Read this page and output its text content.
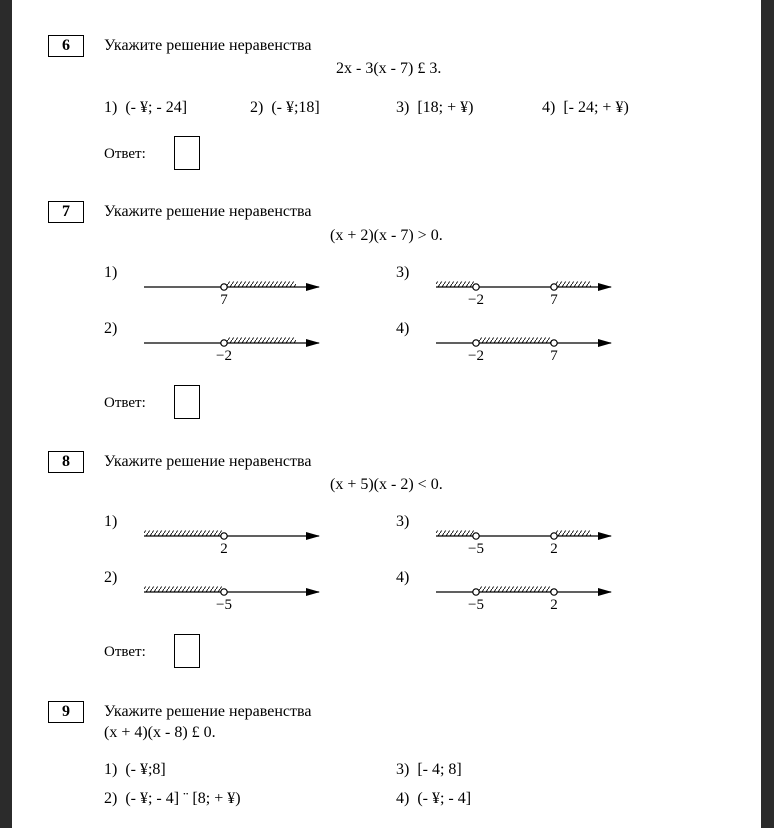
6	Укажите решение неравенства
2x - 3(x - 7) £ 3.
1) (- ¥; - 24]	2) (- ¥;18]	3) [18; + ¥)	4) [- 24; + ¥)
Ответ:
7	Укажите решение неравенства
(x + 2)(x - 7) > 0.
1)
7
2)
−2
3)
−2	7
4)
−2	7
Ответ:
8	Укажите решение неравенства
(x + 5)(x - 2) < 0.
1)
2
2)
−5
3)
−5	2
4)
−5	2
Ответ:
9	Укажите решение неравенства
(x + 4)(x - 8) £ 0.
1) (- ¥;8]
2) (- ¥; - 4] ¨ [8; + ¥)
3) [- 4; 8]
4) (- ¥; - 4]
